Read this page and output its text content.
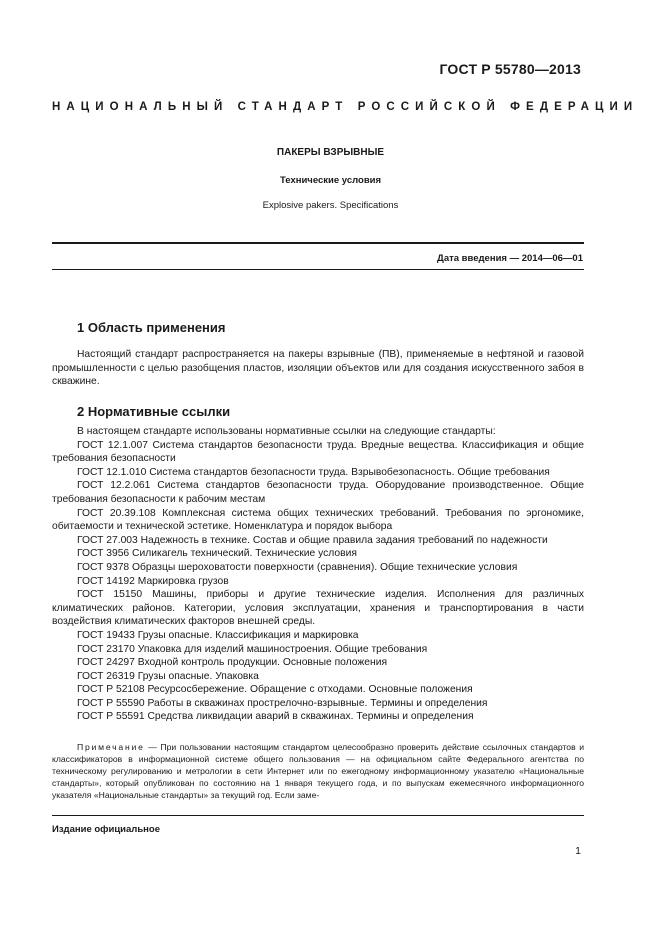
ГОСТ Р 55780—2013
НАЦИОНАЛЬНЫЙ СТАНДАРТ РОССИЙСКОЙ ФЕДЕРАЦИИ
ПАКЕРЫ ВЗРЫВНЫЕ
Технические условия
Explosive pakers. Specifications
Дата введения — 2014—06—01
1 Область применения

Настоящий стандарт распространяется на пакеры взрывные (ПВ), применяемые в нефтяной и газовой промышленности с целью разобщения пластов, изоляции объектов или для создания искусственного забоя в скважине.

2 Нормативные ссылки

В настоящем стандарте использованы нормативные ссылки на следующие стандарты:

ГОСТ 12.1.007 Система стандартов безопасности труда. Вредные вещества. Классификация и общие требования безопасности

ГОСТ 12.1.010 Система стандартов безопасности труда. Взрывобезопасность. Общие требования

ГОСТ 12.2.061 Система стандартов безопасности труда. Оборудование производственное. Общие требования безопасности к рабочим местам

ГОСТ 20.39.108 Комплексная система общих технических требований. Требования по эргономике, обитаемости и технической эстетике. Номенклатура и порядок выбора

ГОСТ 27.003 Надежность в технике. Состав и общие правила задания требований по надежности

ГОСТ 3956 Силикагель технический. Технические условия

ГОСТ 9378 Образцы шероховатости поверхности (сравнения). Общие технические условия

ГОСТ 14192 Маркировка грузов

ГОСТ 15150 Машины, приборы и другие технические изделия. Исполнения для различных климатических районов. Категории, условия эксплуатации, хранения и транспортирования в части воздействия климатических факторов внешней среды.

ГОСТ 19433 Грузы опасные. Классификация и маркировка

ГОСТ 23170 Упаковка для изделий машиностроения. Общие требования

ГОСТ 24297 Входной контроль продукции. Основные положения

ГОСТ 26319 Грузы опасные. Упаковка

ГОСТ Р 52108 Ресурсосбережение. Обращение с отходами. Основные положения

ГОСТ Р 55590 Работы в скважинах прострелочно-взрывные. Термины и определения

ГОСТ Р 55591 Средства ликвидации аварий в скважинах. Термины и определения

Примечание — При пользовании настоящим стандартом целесообразно проверить действие ссылочных стандартов и классификаторов в информационной системе общего пользования — на официальном сайте Федерального агентства по техническому регулированию и метрологии в сети Интернет или по ежегодному информационному указателю «Национальные стандарты», который опубликован по состоянию на 1 января текущего года, и по выпускам ежемесячного информационного указателя «Национальные стандарты» за текущий год. Если заме-

Издание официальное
1
